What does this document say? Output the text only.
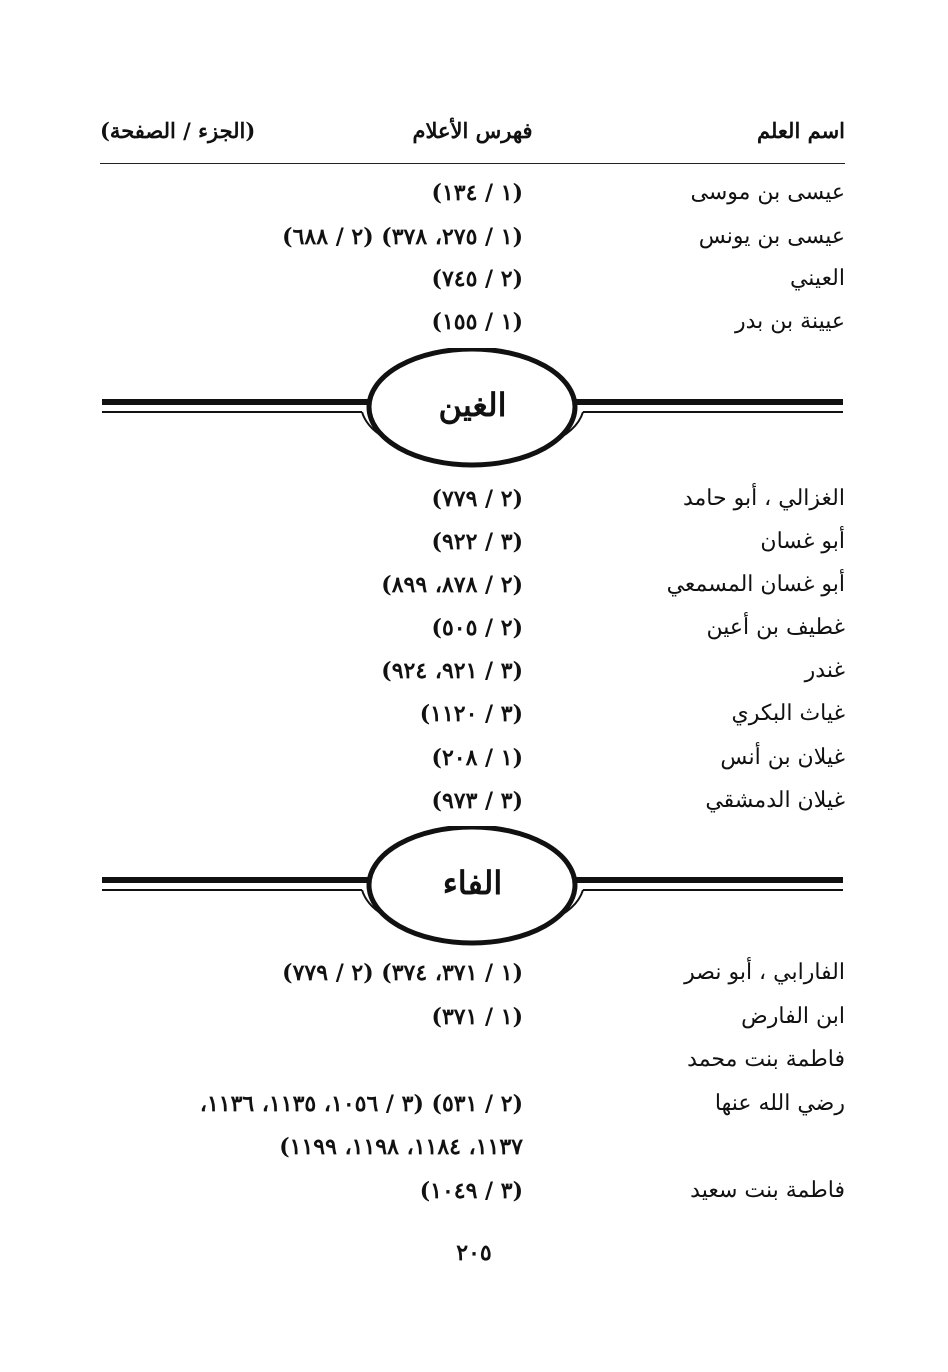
اسم العلم
فهرس الأعلام
(الجزء / الصفحة)
عيسى بن موسى
(١ / ١٣٤)
عيسى بن يونس
(١ / ٢٧٥، ٣٧٨) (٢ / ٦٨٨)
العيني
(٢ / ٧٤٥)
عيينة بن بدر
(١ / ١٥٥)
الغين
الغزالي ، أبو حامد
(٢ / ٧٧٩)
أبو غسان
(٣ / ٩٢٢)
أبو غسان المسمعي
(٢ / ٨٧٨، ٨٩٩)
غطيف بن أعين
(٢ / ٥٠٥)
غندر
(٣ / ٩٢١، ٩٢٤)
غياث البكري
(٣ / ١١٢٠)
غيلان بن أنس
(١ / ٢٠٨)
غيلان الدمشقي
(٣ / ٩٧٣)
الفاء
الفارابي ، أبو نصر
(١ / ٣٧١، ٣٧٤) (٢ / ٧٧٩)
ابن الفارض
(١ / ٣٧١)
فاطمة بنت محمد
رضي الله عنها
(٢ / ٥٣١) (٣ / ١٠٥٦، ١١٣٥، ١١٣٦،
١١٣٧، ١١٨٤، ١١٩٨، ١١٩٩)
فاطمة بنت سعيد
(٣ / ١٠٤٩)
٢٠٥
